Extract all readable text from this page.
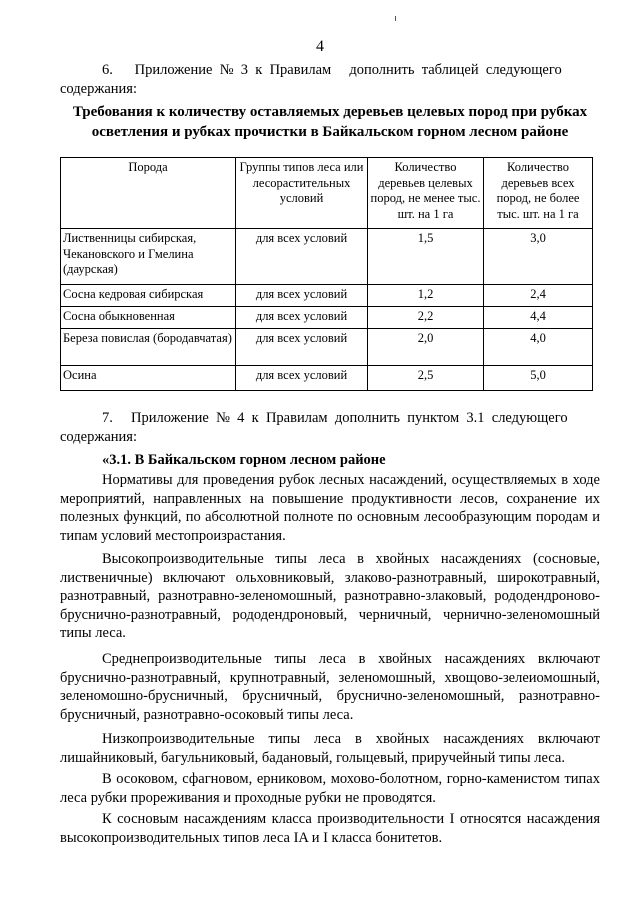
4
6.      Приложение  №  3  к  Правилам     дополнить  таблицей  следующего
содержания:
Требования к количеству оставляемых деревьев целевых пород при рубках
осветления и рубках прочистки в Байкальском горном лесном районе
Порода	Группы типов леса или лесорастительных условий	Количество деревьев целевых пород, не менее тыс. шт. на 1 га	Количество деревьев всех пород, не более тыс. шт. на 1 га
Лиственницы сибирская, Чекановского и Гмелина (даурская)	для всех условий	1,5	3,0
Сосна кедровая сибирская	для всех условий	1,2	2,4
Сосна обыкновенная	для всех условий	2,2	4,4
Береза повислая (бородавчатая)	для всех условий	2,0	4,0
Осина	для всех условий	2,5	5,0
7.     Приложение  №  4  к  Правилам  дополнить  пунктом  3.1  следующего
содержания:
«3.1. В Байкальском горном лесном районе
Нормативы для проведения рубок лесных насаждений, осуществляемых в ходе мероприятий, направленных на повышение продуктивности лесов, сохранение их полезных функций, по абсолютной полноте по основным лесообразующим породам и типам условий местопроизрастания.
Высокопроизводительные типы леса в хвойных насаждениях (сосновые, лиственичные) включают ольховниковый, злаково-разнотравный, широкотравный, разнотравный, разнотравно-зеленомошный, разнотравно-злаковый, рододендроново-бруснично-разнотравный, рододендроновый, черничный, чернично-зеленомошный типы леса.
Среднепроизводительные типы леса в хвойных насаждениях включают бруснично-разнотравный, крупнотравный, зеленомошный, хвощово-зелеиомошный, зеленомошно-брусничный, брусничный, бруснично-зеленомошный, разнотравно-брусничный, разнотравно-осоковый типы леса.
Низкопроизводительные типы леса в хвойных насаждениях включают лишайниковый, багульниковый, бадановый, голыцевый, приручейный типы леса.
В осоковом, сфагновом, ерниковом, мохово-болотном, горно-каменистом типах леса рубки прореживания и проходные рубки не проводятся.
К сосновым насаждениям класса производительности I относятся насаждения высокопроизводительных типов леса IA и I класса бонитетов.
